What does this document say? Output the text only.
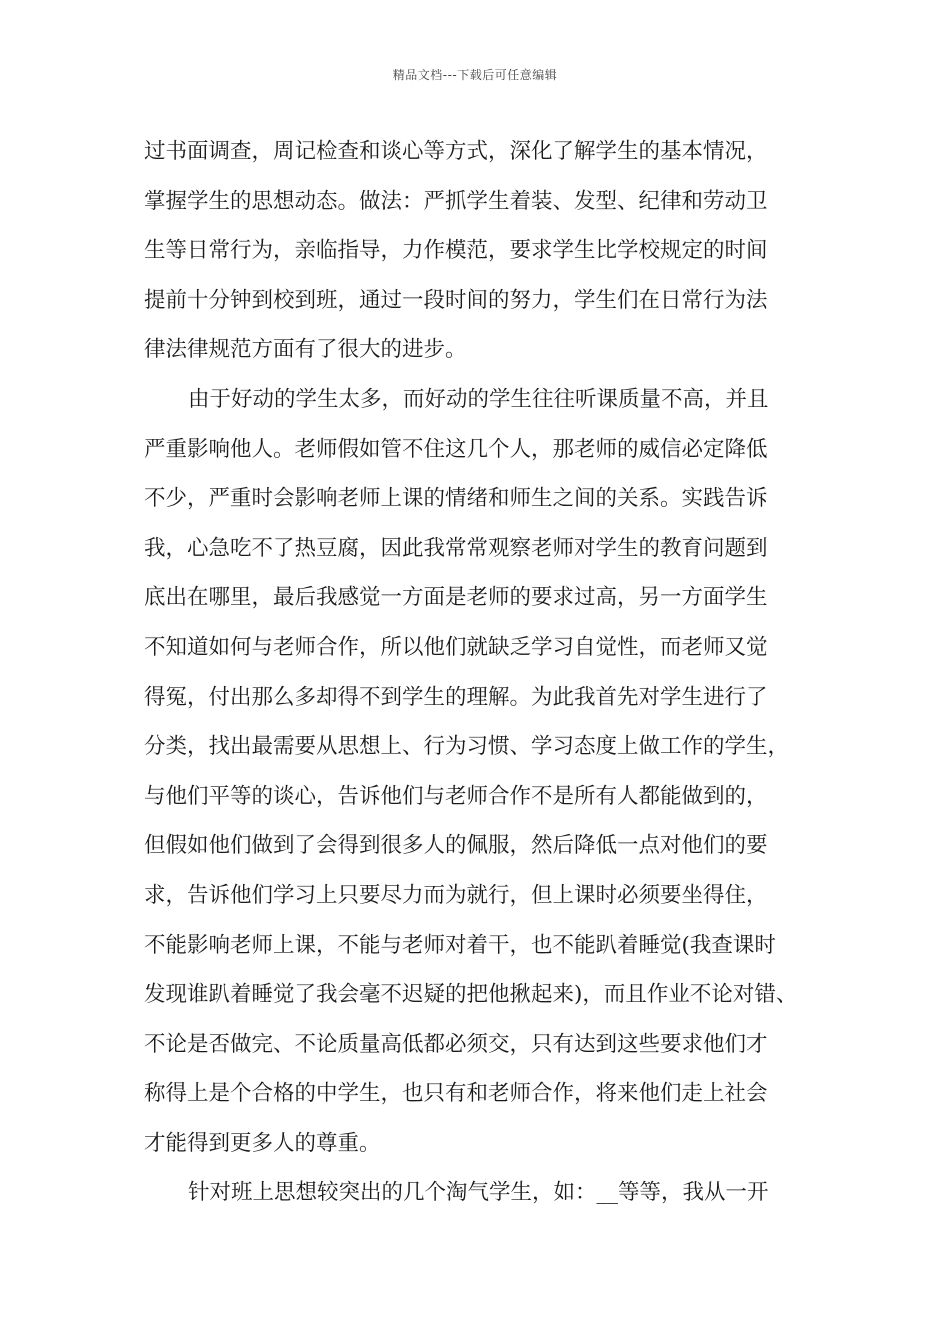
精品文档---下载后可任意编辑
过书面调查，周记检查和谈心等方式，深化了解学生的基本情况，
掌握学生的思想动态。做法：严抓学生着装、发型、纪律和劳动卫
生等日常行为，亲临指导，力作模范，要求学生比学校规定的时间
提前十分钟到校到班，通过一段时间的努力，学生们在日常行为法
律法律规范方面有了很大的进步。
由于好动的学生太多，而好动的学生往往听课质量不高，并且
严重影响他人。老师假如管不住这几个人，那老师的威信必定降低
不少，严重时会影响老师上课的情绪和师生之间的关系。实践告诉
我，心急吃不了热豆腐，因此我常常观察老师对学生的教育问题到
底出在哪里，最后我感觉一方面是老师的要求过高，另一方面学生
不知道如何与老师合作，所以他们就缺乏学习自觉性，而老师又觉
得冤，付出那么多却得不到学生的理解。为此我首先对学生进行了
分类，找出最需要从思想上、行为习惯、学习态度上做工作的学生，
与他们平等的谈心，告诉他们与老师合作不是所有人都能做到的，
但假如他们做到了会得到很多人的佩服，然后降低一点对他们的要
求，告诉他们学习上只要尽力而为就行，但上课时必须要坐得住，
不能影响老师上课，不能与老师对着干，也不能趴着睡觉(我查课时
发现谁趴着睡觉了我会毫不迟疑的把他揪起来)，而且作业不论对错、
不论是否做完、不论质量高低都必须交，只有达到这些要求他们才
称得上是个合格的中学生，也只有和老师合作，将来他们走上社会
才能得到更多人的尊重。
针对班上思想较突出的几个淘气学生，如：__等等，我从一开
